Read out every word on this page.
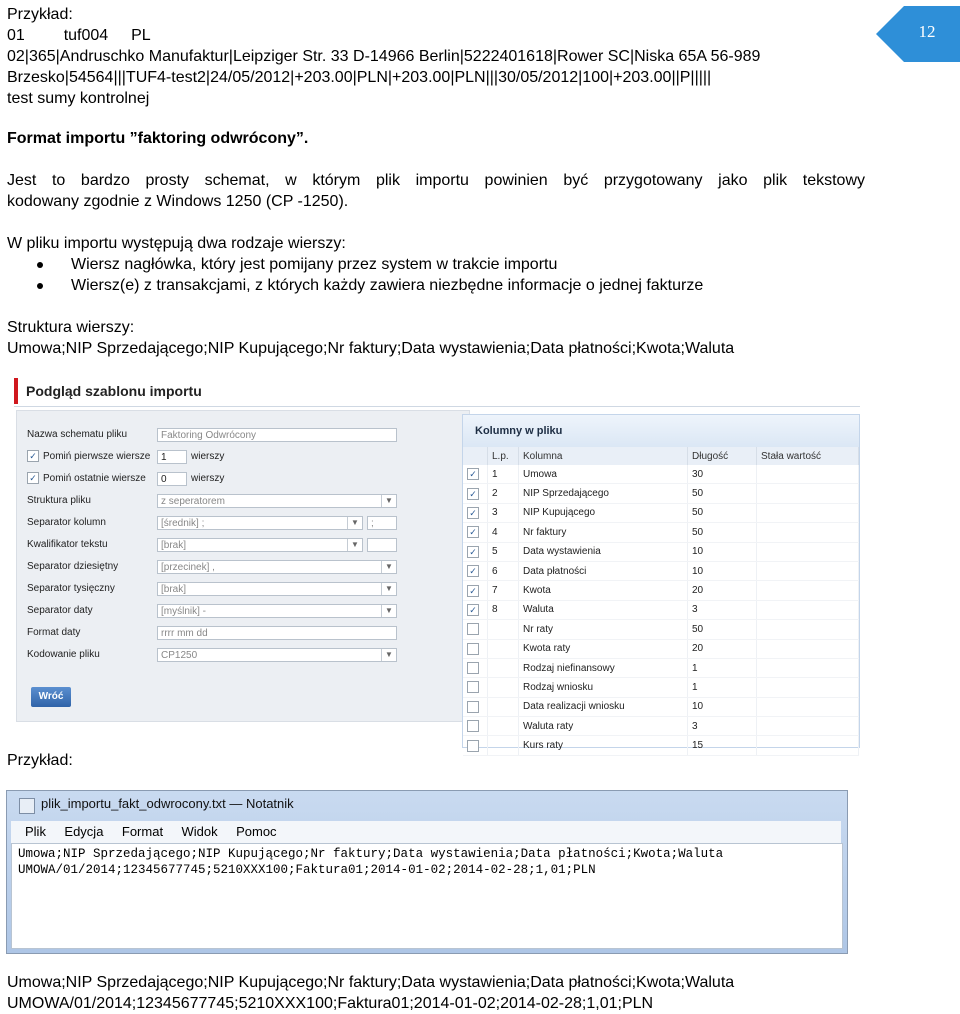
Przykład:
01 tuf004 PL
02|365|Andruschko Manufaktur|Leipziger Str. 33 D-14966 Berlin|5222401618|Rower SC|Niska 65A 56-989
Brzesko|54564|||TUF4-test2|24/05/2012|+203.00|PLN|+203.00|PLN|||30/05/2012|100|+203.00||P|||||
test sumy kontrolnej
12
Format importu ”faktoring odwrócony”.
Jest to bardzo prosty schemat, w którym plik importu powinien być przygotowany jako plik tekstowy
kodowany zgodnie z Windows 1250 (CP -1250).
W pliku importu występują dwa rodzaje wierszy:
Wiersz nagłówka, który jest pomijany przez system w trakcie importu
Wiersz(e) z transakcjami, z których każdy zawiera niezbędne informacje o jednej fakturze
Struktura wierszy:
Umowa;NIP Sprzedającego;NIP Kupującego;Nr faktury;Data wystawienia;Data płatności;Kwota;Waluta
Podgląd szablonu importu
Nazwa schematu pliku	Faktoring Odwrócony
✓ Pomiń pierwsze wiersze	1	wierszy
✓ Pomiń ostatnie wiersze	0	wierszy
Struktura pliku	z seperatorem	▼
Separator kolumn	[średnik] ;	▼	;
Kwalifikator tekstu	[brak]	▼
Separator dziesiętny	[przecinek] ,	▼
Separator tysięczny	[brak]	▼
Separator daty	[myślnik] -	▼
Format daty	rrrr mm dd
Kodowanie pliku	CP1250	▼
Wróć
Kolumny w pliku
	L.p.	Kolumna	Długość	Stała wartość
✓	1	Umowa	30	
✓	2	NIP Sprzedającego	50	
✓	3	NIP Kupującego	50	
✓	4	Nr faktury	50	
✓	5	Data wystawienia	10	
✓	6	Data płatności	10	
✓	7	Kwota	20	
✓	8	Waluta	3	
		Nr raty	50	
		Kwota raty	20	
		Rodzaj niefinansowy	1	
		Rodzaj wniosku	1	
		Data realizacji wniosku	10	
		Waluta raty	3	
		Kurs raty	15	
Przykład:
plik_importu_fakt_odwrocony.txt — Notatnik
Plik Edycja Format Widok Pomoc
Umowa;NIP Sprzedającego;NIP Kupującego;Nr faktury;Data wystawienia;Data płatności;Kwota;Waluta
UMOWA/01/2014;12345677745;5210XXX100;Faktura01;2014-01-02;2014-02-28;1,01;PLN
Umowa;NIP Sprzedającego;NIP Kupującego;Nr faktury;Data wystawienia;Data płatności;Kwota;Waluta
UMOWA/01/2014;12345677745;5210XXX100;Faktura01;2014-01-02;2014-02-28;1,01;PLN
